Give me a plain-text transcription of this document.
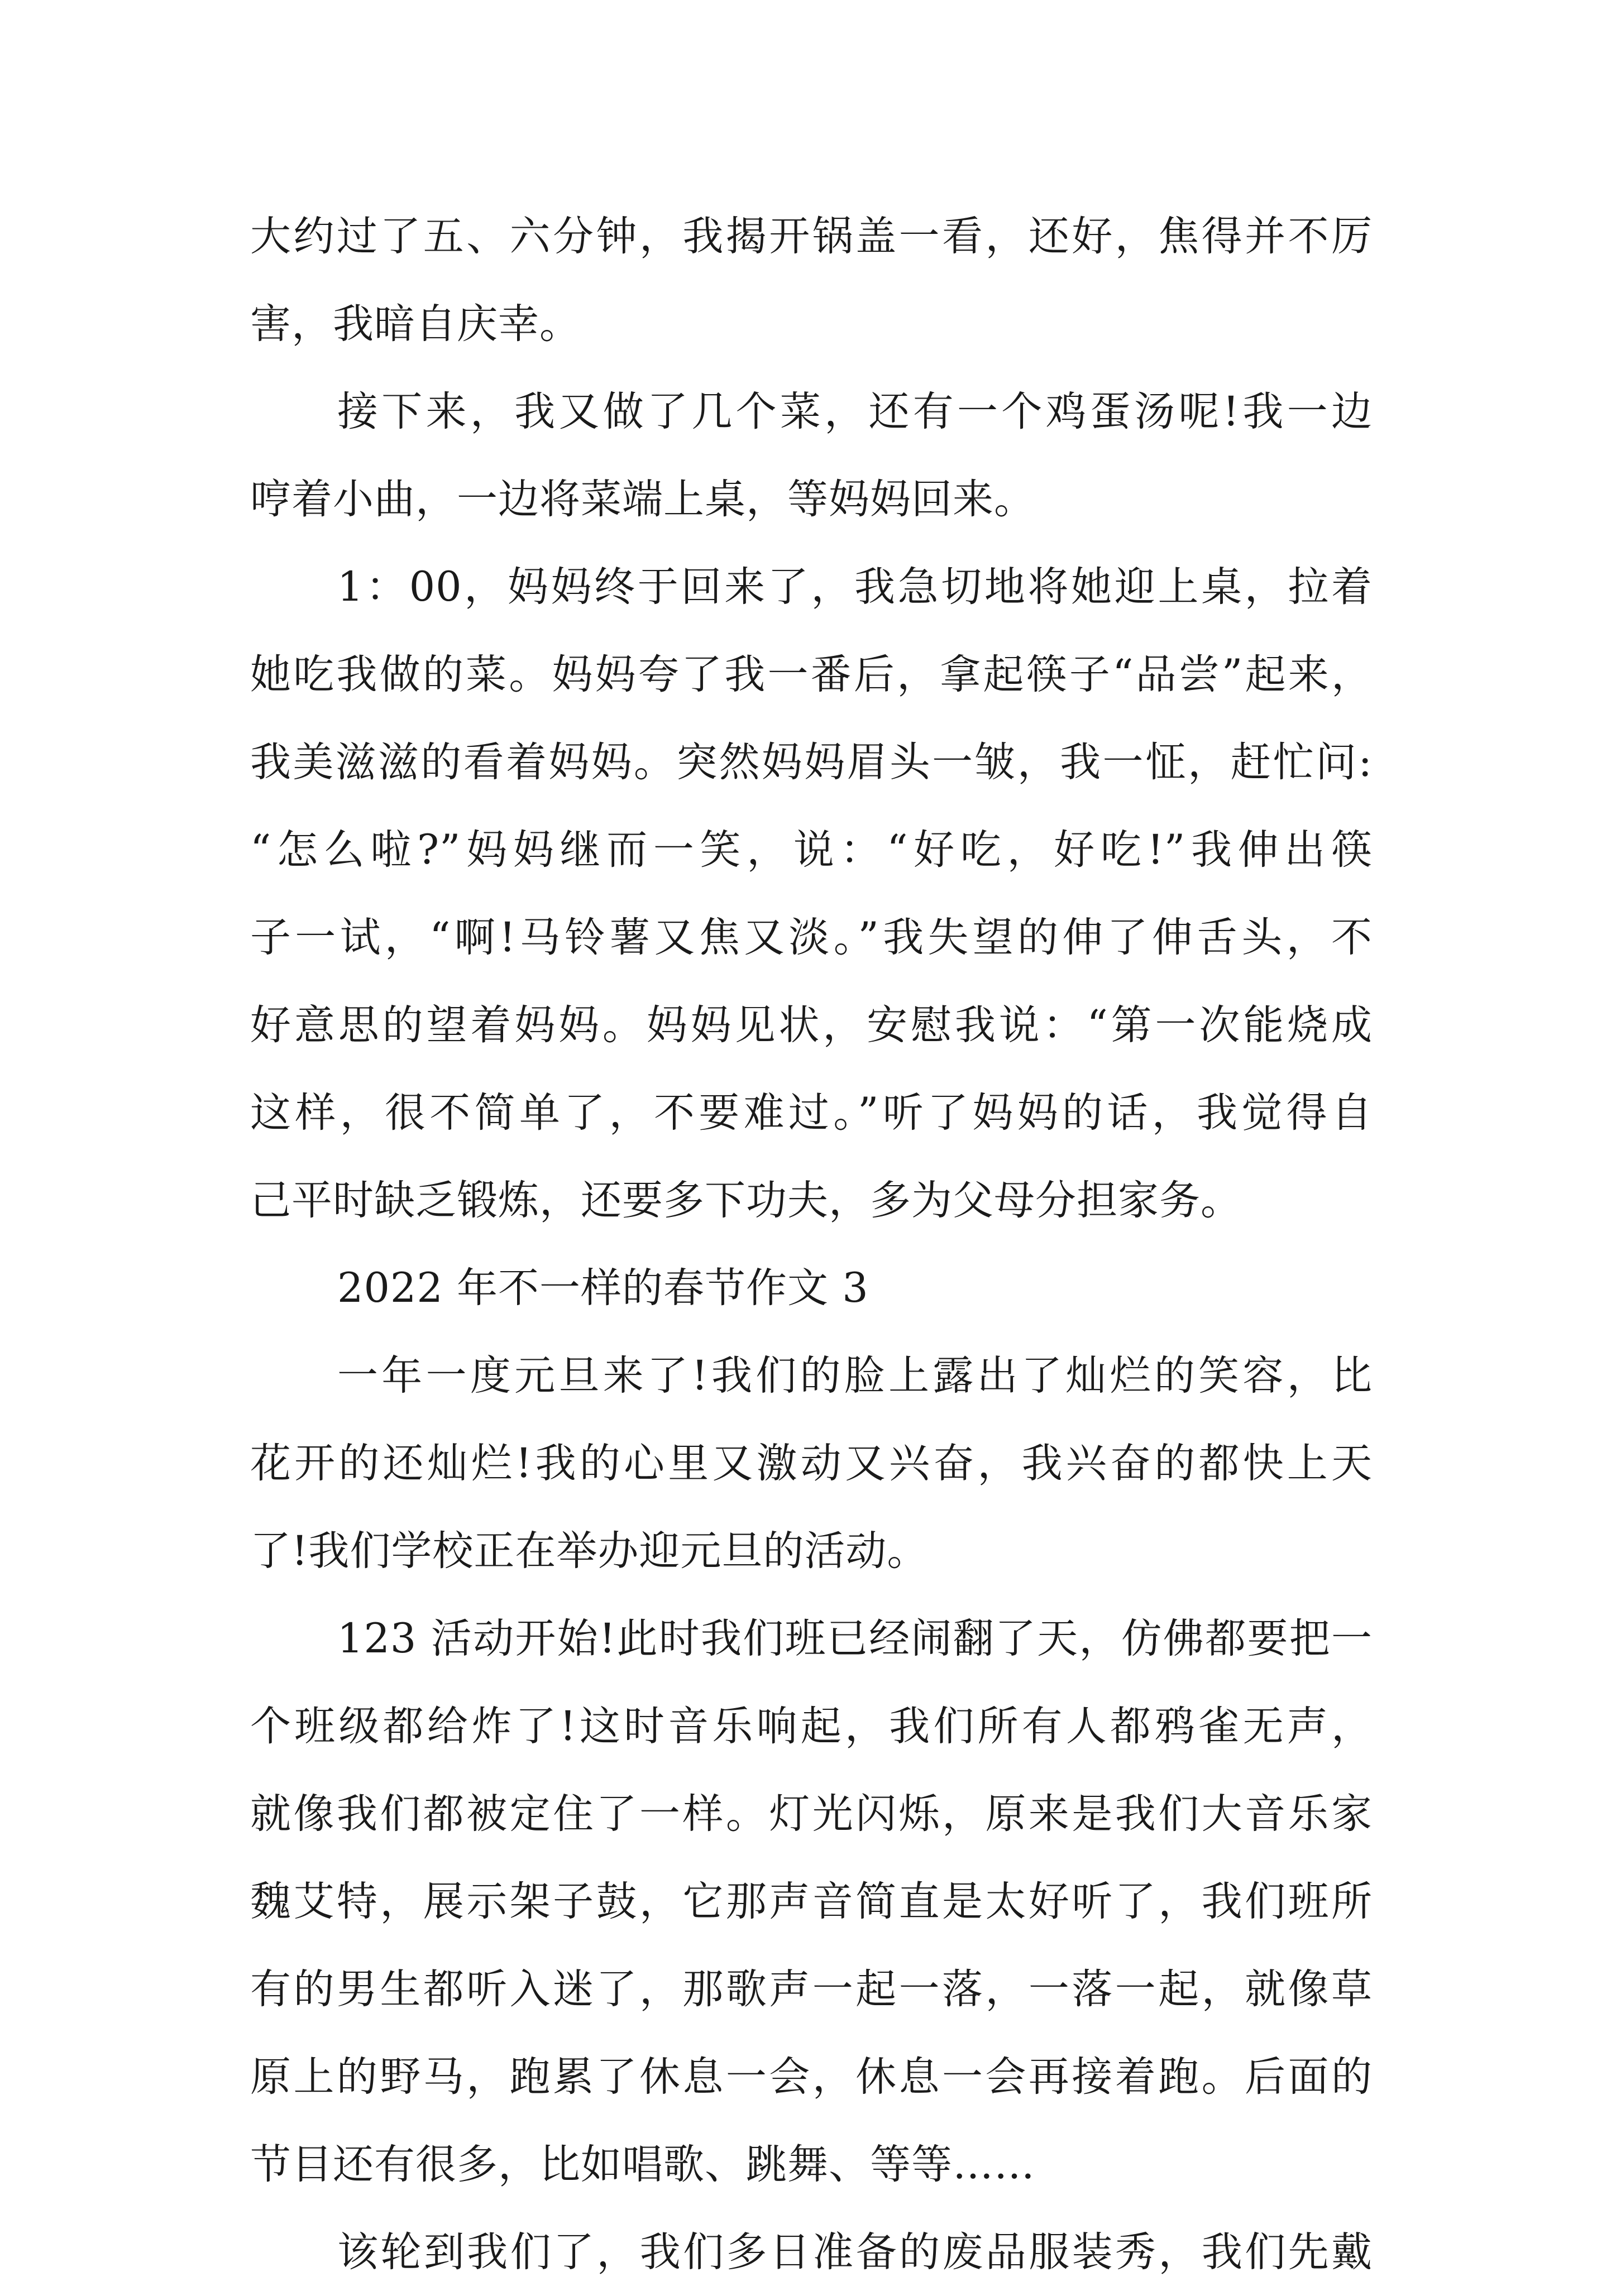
大约过了五、六分钟，我揭开锅盖一看，还好，焦得并不厉
害，我暗自庆幸。
接下来，我又做了几个菜，还有一个鸡蛋汤呢!我一边
哼着小曲，一边将菜端上桌，等妈妈回来。
1：00，妈妈终于回来了，我急切地将她迎上桌，拉着
她吃我做的菜。妈妈夸了我一番后，拿起筷子“品尝”起来，
我美滋滋的看着妈妈。突然妈妈眉头一皱，我一怔，赶忙问:
“怎么啦?”妈妈继而一笑，说：“好吃，好吃!”我伸出筷
子一试，“啊!马铃薯又焦又淡。”我失望的伸了伸舌头，不
好意思的望着妈妈。妈妈见状，安慰我说：“第一次能烧成
这样，很不简单了，不要难过。”听了妈妈的话，我觉得自
己平时缺乏锻炼，还要多下功夫，多为父母分担家务。
2022 年不一样的春节作文 3
一年一度元旦来了!我们的脸上露出了灿烂的笑容，比
花开的还灿烂!我的心里又激动又兴奋，我兴奋的都快上天
了!我们学校正在举办迎元旦的活动。
123 活动开始!此时我们班已经闹翻了天，仿佛都要把一
个班级都给炸了!这时音乐响起，我们所有人都鸦雀无声，
就像我们都被定住了一样。灯光闪烁，原来是我们大音乐家
魏艾特，展示架子鼓，它那声音简直是太好听了，我们班所
有的男生都听入迷了，那歌声一起一落，一落一起，就像草
原上的野马，跑累了休息一会，休息一会再接着跑。后面的
节目还有很多，比如唱歌、跳舞、等等……
该轮到我们了，我们多日准备的废品服装秀，我们先戴
